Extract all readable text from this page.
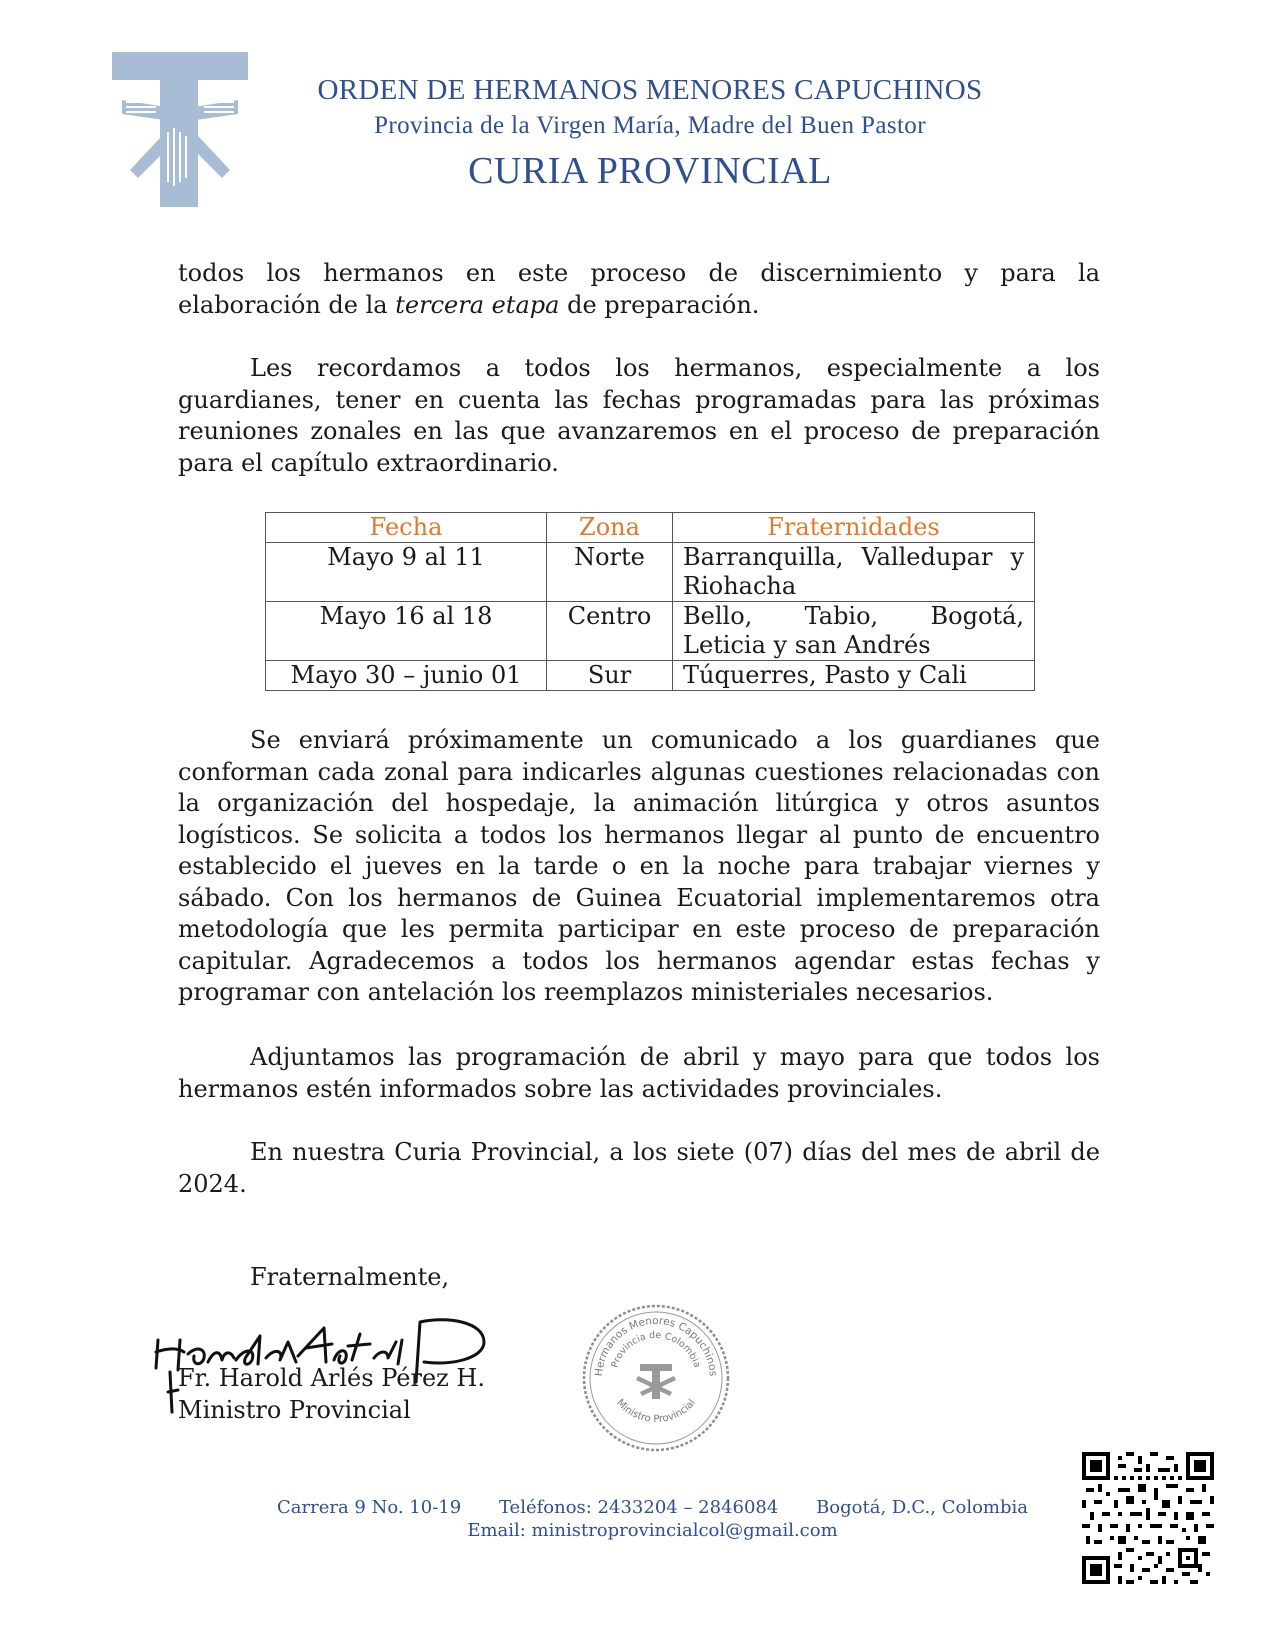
ORDEN DE HERMANOS MENORES CAPUCHINOS
Provincia de la Virgen María, Madre del Buen Pastor
CURIA PROVINCIAL
todos los hermanos en este proceso de discernimiento y para la elaboración de la tercera etapa de preparación.
Les recordamos a todos los hermanos, especialmente a los guardianes, tener en cuenta las fechas programadas para las próximas reuniones zonales en las que avanzaremos en el proceso de preparación para el capítulo extraordinario.
Fecha	Zona	Fraternidades
Mayo 9 al 11	Norte	Barranquilla, Valledupar y Riohacha
Mayo 16 al 18	Centro	Bello, Tabio, Bogotá, Leticia y san Andrés
Mayo 30 – junio 01	Sur	Túquerres, Pasto y Cali
Se enviará próximamente un comunicado a los guardianes que conforman cada zonal para indicarles algunas cuestiones relacionadas con la organización del hospedaje, la animación litúrgica y otros asuntos logísticos. Se solicita a todos los hermanos llegar al punto de encuentro establecido el jueves en la tarde o en la noche para trabajar viernes y sábado. Con los hermanos de Guinea Ecuatorial implementaremos otra metodología que les permita participar en este proceso de preparación capitular. Agradecemos a todos los hermanos agendar estas fechas y programar con antelación los reemplazos ministeriales necesarios.
Adjuntamos las programación de abril y mayo para que todos los hermanos estén informados sobre las actividades provinciales.
En nuestra Curia Provincial, a los siete (07) días del mes de abril de 2024.
Fraternalmente,
Fr. Harold Arlés Pérez H.
Ministro Provincial
Hermanos Menores Capuchinos
Provincia de Colombia
Ministro Provincial
Carrera 9 No. 10-19 Teléfonos: 2433204 – 2846084 Bogotá, D.C., Colombia
Email: ministroprovincialcol@gmail.com
